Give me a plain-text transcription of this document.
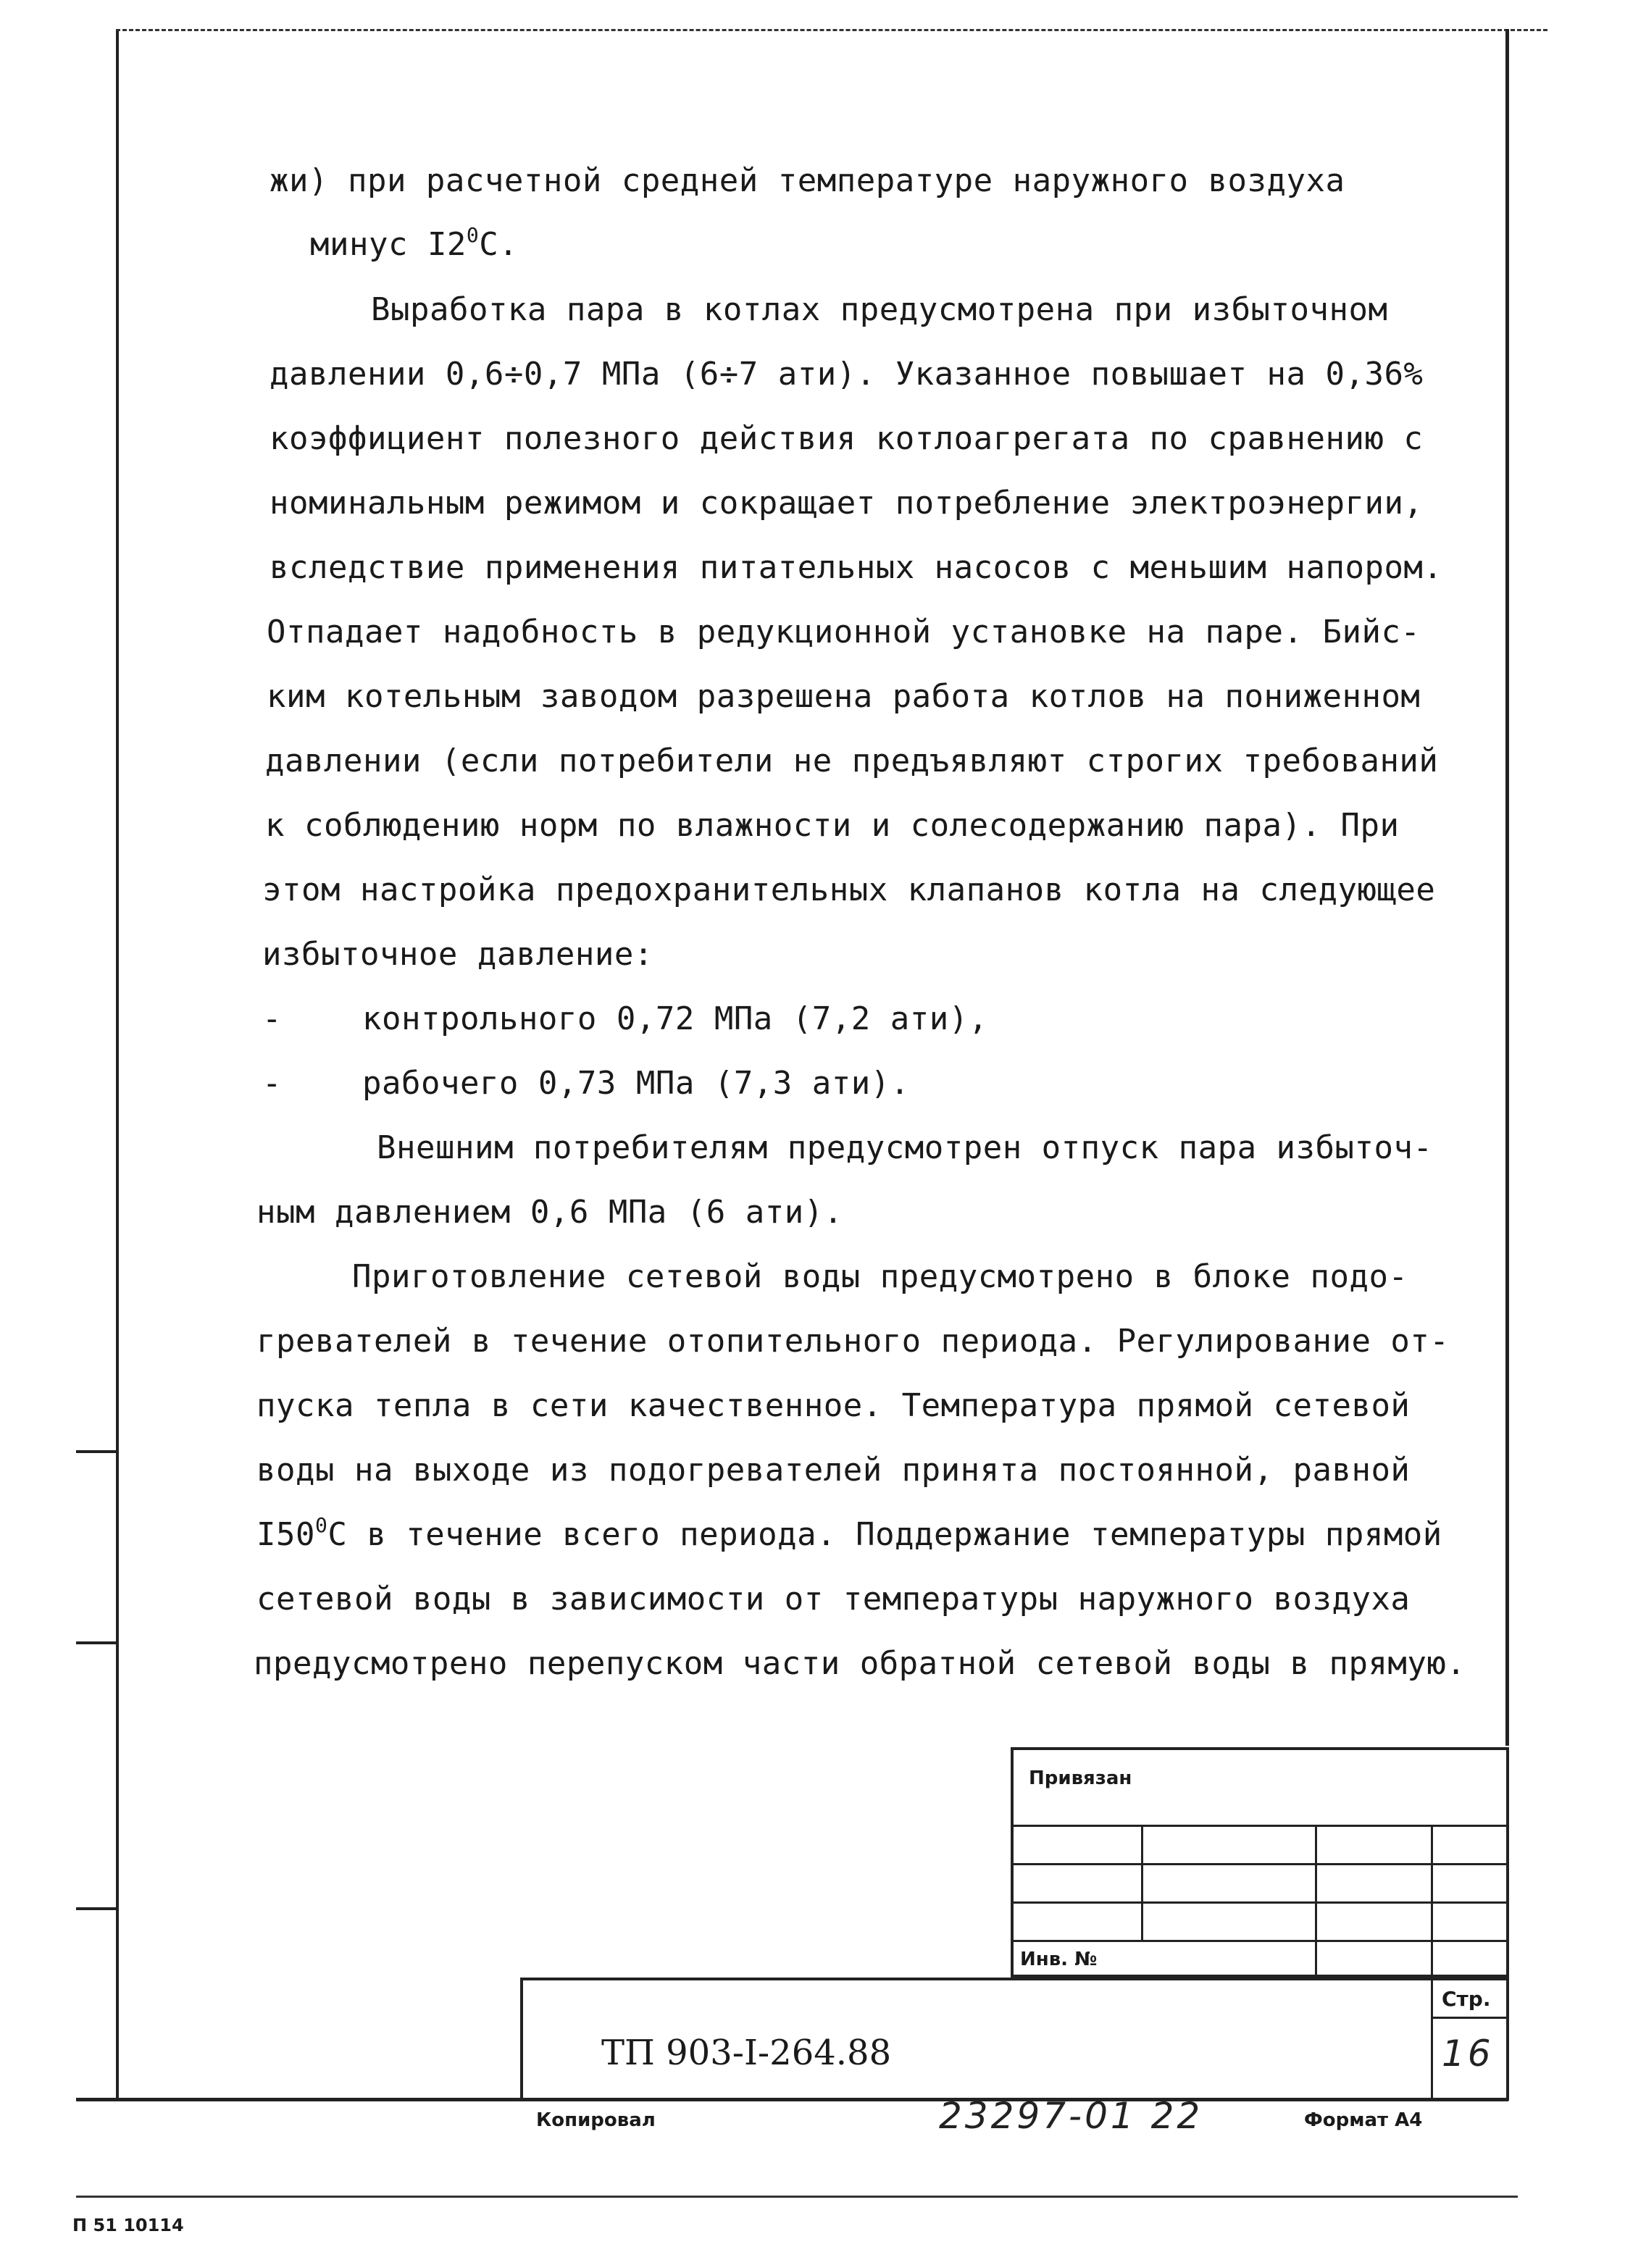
жи) при расчетной средней температуре наружного воздуха
минус $I2^0С$.
Выработка пара в котлах предусмотрена при избыточном
давлении 0,6÷0,7 МПа (6÷7 ати). Указанное повышает на 0,36%
коэффициент полезного действия котлоагрегата по сравнению с
номинальным режимом и сокращает потребление электроэнергии,
вследствие применения питательных насосов с меньшим напором.
Отпадает надобность в редукционной установке на паре. Бийс-
ким котельным заводом разрешена работа котлов на пониженном
давлении (если потребители не предъявляют строгих требований
к соблюдению норм по влажности и солесодержанию пара). При
этом настройка предохранительных клапанов котла на следующее
избыточное давление:
-	контрольного 0,72 МПа (7,2 ати),
-	рабочего 0,73 МПа (7,3 ати).
Внешним потребителям предусмотрен отпуск пара избыточ-
ным давлением 0,6 МПа (6 ати).
Приготовление сетевой воды предусмотрено в блоке подо-
гревателей в течение отопительного периода. Регулирование от-
пуска тепла в сети качественное. Температура прямой сетевой
воды на выходе из подогревателей принята постоянной, равной
$I50^0С$ в течение всего периода. Поддержание температуры прямой
сетевой воды в зависимости от температуры наружного воздуха
предусмотрено перепуском части обратной сетевой воды в прямую.
Привязан
Инв. №
Стр.
16
ТП 903-I-264.88
Копировал	23297-01 22	Формат А4
П 51 10114
